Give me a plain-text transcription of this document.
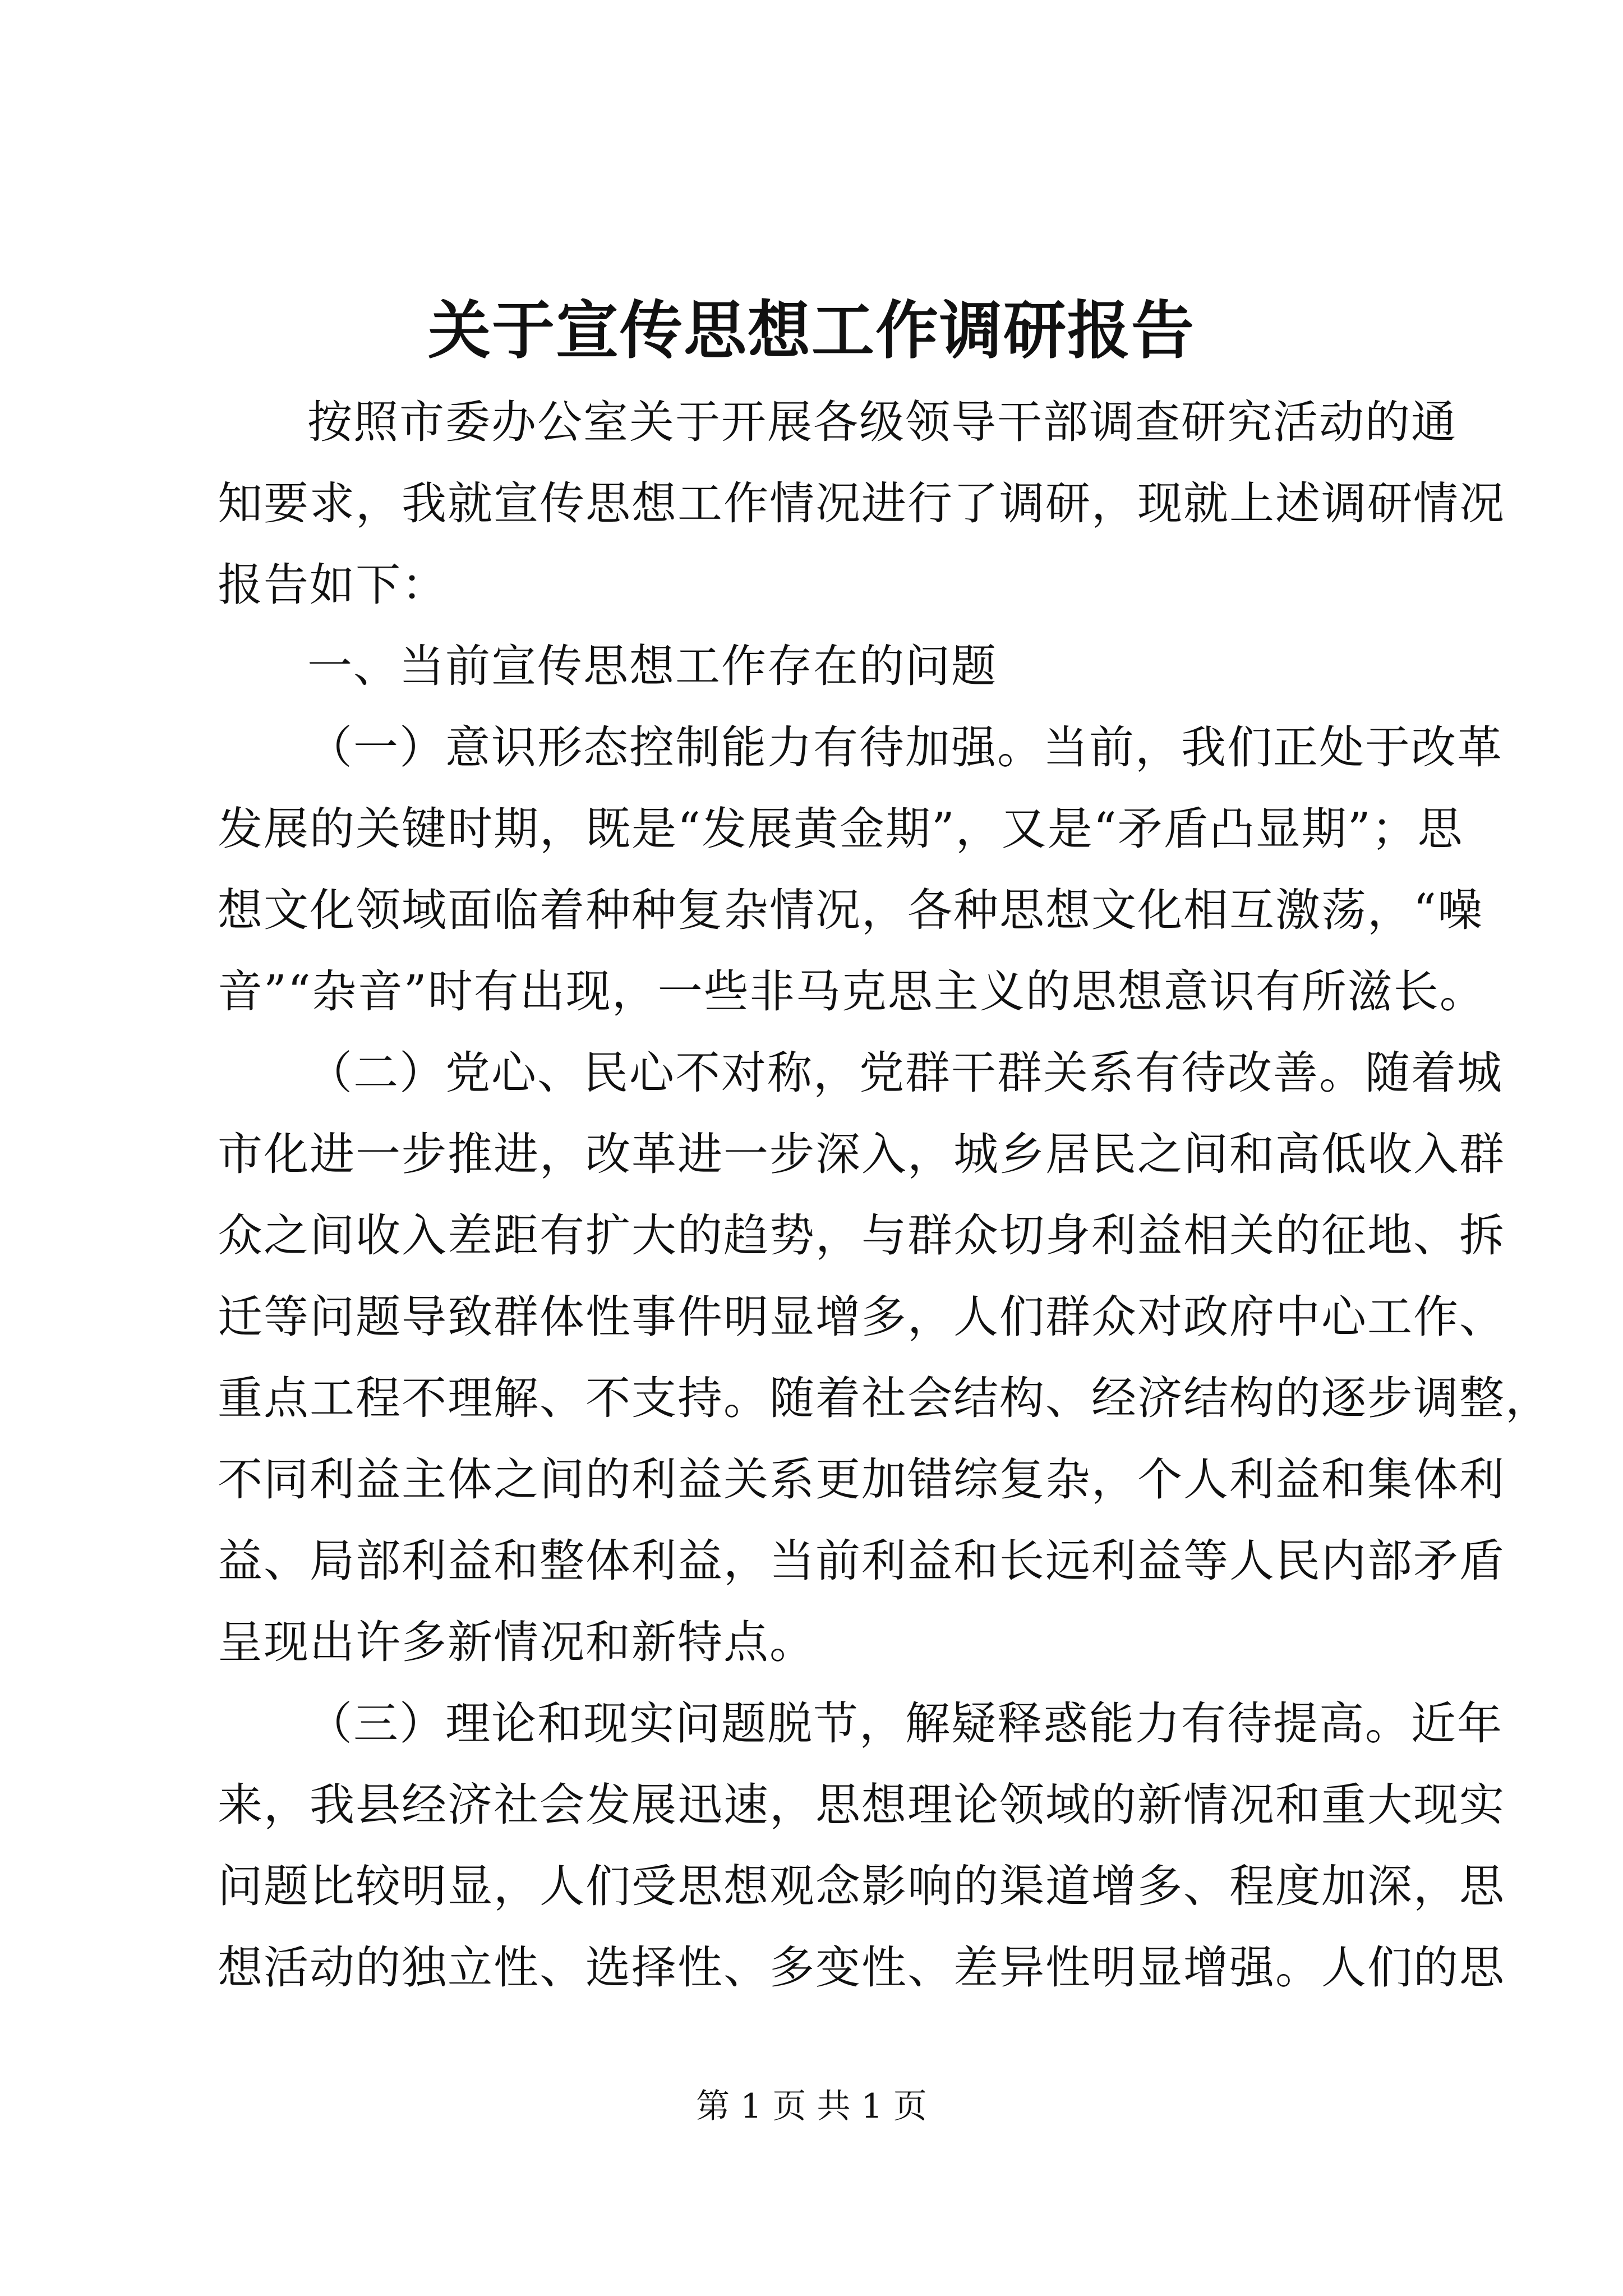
关于宣传思想工作调研报告
按照市委办公室关于开展各级领导干部调查研究活动的通
知要求，我就宣传思想工作情况进行了调研，现就上述调研情况
报告如下：
一、当前宣传思想工作存在的问题
（一）意识形态控制能力有待加强。当前，我们正处于改革
发展的关键时期，既是“发展黄金期”，又是“矛盾凸显期”；思
想文化领域面临着种种复杂情况，各种思想文化相互激荡，“噪
音”“杂音”时有出现，一些非马克思主义的思想意识有所滋长。
（二）党心、民心不对称，党群干群关系有待改善。随着城
市化进一步推进，改革进一步深入，城乡居民之间和高低收入群
众之间收入差距有扩大的趋势，与群众切身利益相关的征地、拆
迁等问题导致群体性事件明显增多，人们群众对政府中心工作、
重点工程不理解、不支持。随着社会结构、经济结构的逐步调整，
不同利益主体之间的利益关系更加错综复杂，个人利益和集体利
益、局部利益和整体利益，当前利益和长远利益等人民内部矛盾
呈现出许多新情况和新特点。
（三）理论和现实问题脱节，解疑释惑能力有待提高。近年
来，我县经济社会发展迅速，思想理论领域的新情况和重大现实
问题比较明显，人们受思想观念影响的渠道增多、程度加深，思
想活动的独立性、选择性、多变性、差异性明显增强。人们的思
第 1 页 共 1 页
